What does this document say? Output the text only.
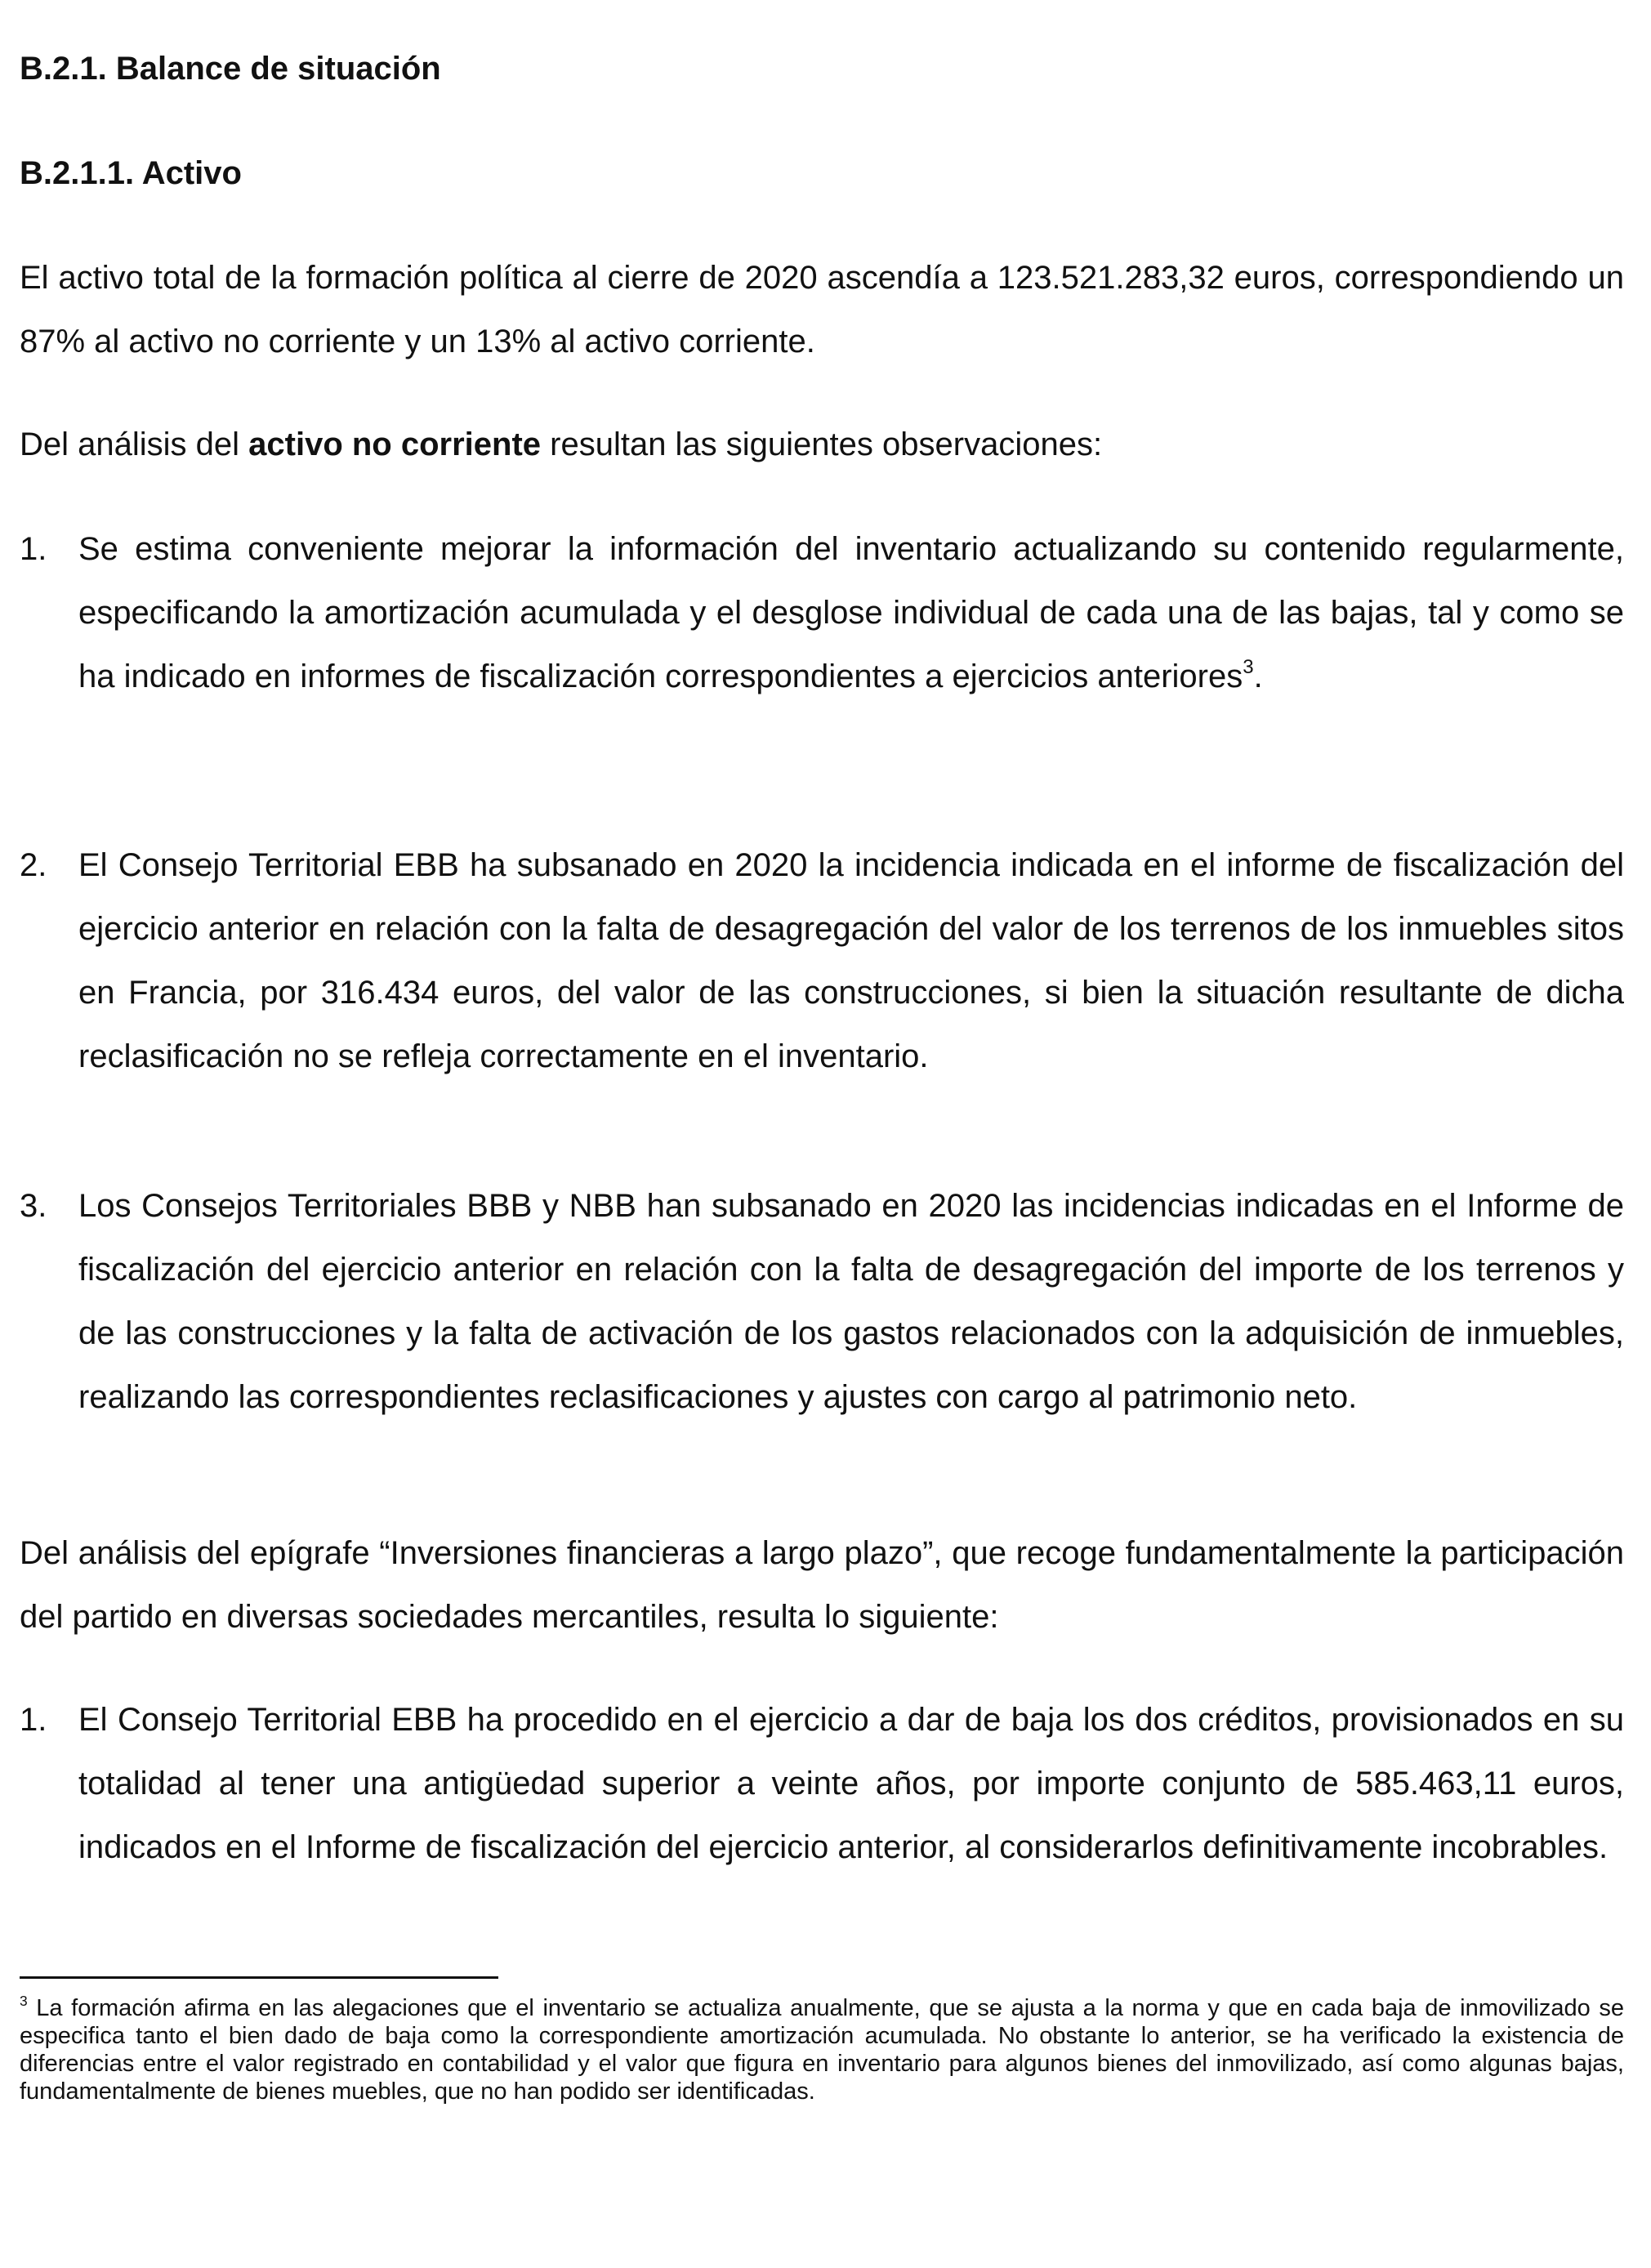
B.2.1. Balance de situación
B.2.1.1. Activo

El activo total de la formación política al cierre de 2020 ascendía a 123.521.283,32 euros, correspondiendo un 87% al activo no corriente y un 13% al activo corriente.

Del análisis del activo no corriente resultan las siguientes observaciones:

1. Se estima conveniente mejorar la información del inventario actualizando su contenido regularmente, especificando la amortización acumulada y el desglose individual de cada una de las bajas, tal y como se ha indicado en informes de fiscalización correspondientes a ejercicios anteriores$^3$.

2. El Consejo Territorial EBB ha subsanado en 2020 la incidencia indicada en el informe de fiscalización del ejercicio anterior en relación con la falta de desagregación del valor de los terrenos de los inmuebles sitos en Francia, por 316.434 euros, del valor de las construcciones, si bien la situación resultante de dicha reclasificación no se refleja correctamente en el inventario.

3. Los Consejos Territoriales BBB y NBB han subsanado en 2020 las incidencias indicadas en el Informe de fiscalización del ejercicio anterior en relación con la falta de desagregación del importe de los terrenos y de las construcciones y la falta de activación de los gastos relacionados con la adquisición de inmuebles, realizando las correspondientes reclasificaciones y ajustes con cargo al patrimonio neto.

Del análisis del epígrafe “Inversiones financieras a largo plazo”, que recoge fundamentalmente la participación del partido en diversas sociedades mercantiles, resulta lo siguiente:

1. El Consejo Territorial EBB ha procedido en el ejercicio a dar de baja los dos créditos, provisionados en su totalidad al tener una antigüedad superior a veinte años, por importe conjunto de 585.463,11 euros, indicados en el Informe de fiscalización del ejercicio anterior, al considerarlos definitivamente incobrables.

$^3$ La formación afirma en las alegaciones que el inventario se actualiza anualmente, que se ajusta a la norma y que en cada baja de inmovilizado se especifica tanto el bien dado de baja como la correspondiente amortización acumulada. No obstante lo anterior, se ha verificado la existencia de diferencias entre el valor registrado en contabilidad y el valor que figura en inventario para algunos bienes del inmovilizado, así como algunas bajas, fundamentalmente de bienes muebles, que no han podido ser identificadas.
